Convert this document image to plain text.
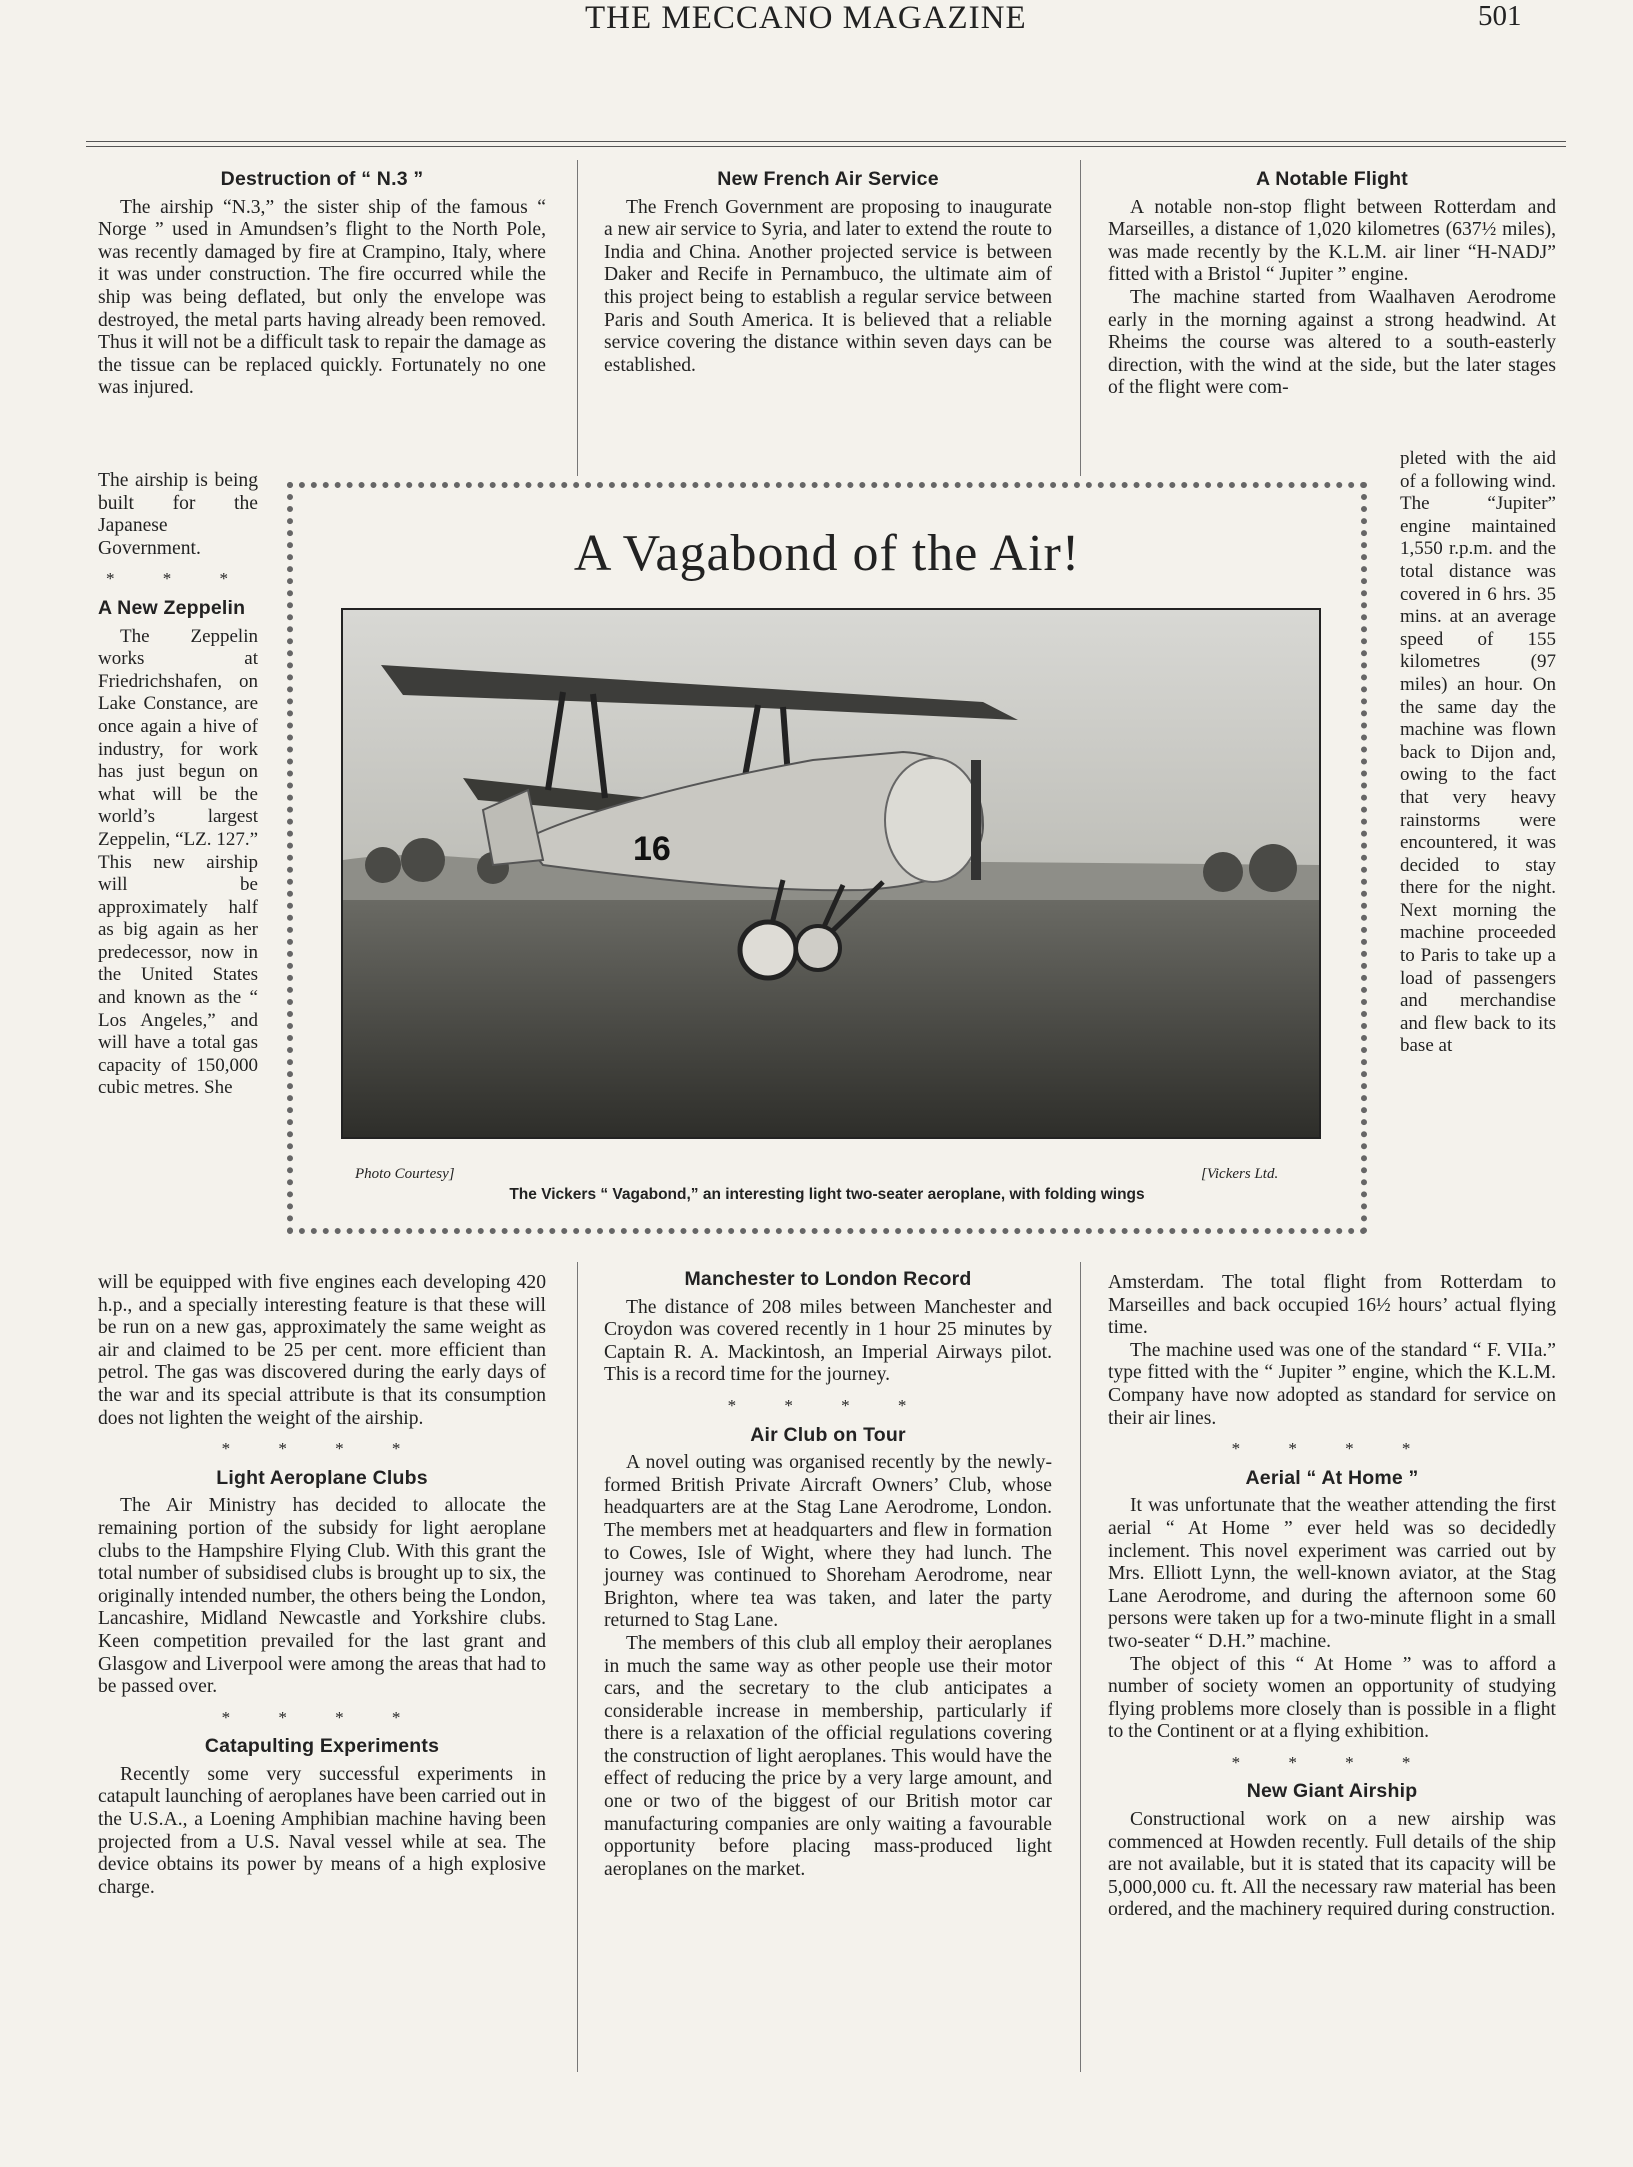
THE MECCANO MAGAZINE	501
Destruction of “ N.3 ”

The airship “N.3,” the sister ship of the famous “ Norge ” used in Amundsen’s flight to the North Pole, was recently damaged by fire at Crampino, Italy, where it was under construction. The fire occurred while the ship was being deflated, but only the envelope was destroyed, the metal parts having already been removed. Thus it will not be a difficult task to repair the damage as the tissue can be replaced quickly. Fortunately no one was injured.

The airship is being built for the Japanese Government.

* * *
A New Zeppelin

The Zeppelin works at Friedrichshafen, on Lake Constance, are once again a hive of industry, for work has just begun on what will be the world’s largest Zeppelin, “LZ. 127.” This new airship will be approximately half as big again as her predecessor, now in the United States and known as the “ Los Angeles,” and will have a total gas capacity of 150,000 cubic metres. She

will be equipped with five engines each developing 420 h.p., and a specially interesting feature is that these will be run on a new gas, approximately the same weight as air and claimed to be 25 per cent. more efficient than petrol. The gas was discovered during the early days of the war and its special attribute is that its consumption does not lighten the weight of the airship.

* * * *
Light Aeroplane Clubs

The Air Ministry has decided to allocate the remaining portion of the subsidy for light aeroplane clubs to the Hampshire Flying Club. With this grant the total number of subsidised clubs is brought up to six, the originally intended number, the others being the London, Lancashire, Midland Newcastle and Yorkshire clubs. Keen competition prevailed for the last grant and Glasgow and Liverpool were among the areas that had to be passed over.

* * * *
Catapulting Experiments

Recently some very successful experiments in catapult launching of aeroplanes have been carried out in the U.S.A., a Loening Amphibian machine having been projected from a U.S. Naval vessel while at sea. The device obtains its power by means of a high explosive charge.

New French Air Service

The French Government are proposing to inaugurate a new air service to Syria, and later to extend the route to India and China. Another projected service is between Daker and Recife in Pernambuco, the ultimate aim of this project being to establish a regular service between Paris and South America. It is believed that a reliable service covering the distance within seven days can be established.

Manchester to London Record

The distance of 208 miles between Manchester and Croydon was covered recently in 1 hour 25 minutes by Captain R. A. Mackintosh, an Imperial Airways pilot. This is a record time for the journey.

* * * *
Air Club on Tour

A novel outing was organised recently by the newly-formed British Private Aircraft Owners’ Club, whose headquarters are at the Stag Lane Aerodrome, London. The members met at headquarters and flew in formation to Cowes, Isle of Wight, where they had lunch. The journey was continued to Shoreham Aerodrome, near Brighton, where tea was taken, and later the party returned to Stag Lane.

The members of this club all employ their aeroplanes in much the same way as other people use their motor cars, and the secretary to the club anticipates a considerable increase in membership, particularly if there is a relaxation of the official regulations covering the construction of light aeroplanes. This would have the effect of reducing the price by a very large amount, and one or two of the biggest of our British motor car manufacturing companies are only waiting a favourable opportunity before placing mass-produced light aeroplanes on the market.

A Notable Flight

A notable non-stop flight between Rotterdam and Marseilles, a distance of 1,020 kilometres (637½ miles), was made recently by the K.L.M. air liner “H-NADJ” fitted with a Bristol “ Jupiter ” engine.

The machine started from Waalhaven Aerodrome early in the morning against a strong headwind. At Rheims the course was altered to a south-easterly direction, with the wind at the side, but the later stages of the flight were com-

pleted with the aid of a following wind. The “Jupiter” engine maintained 1,550 r.p.m. and the total distance was covered in 6 hrs. 35 mins. at an average speed of 155 kilometres (97 miles) an hour. On the same day the machine was flown back to Dijon and, owing to the fact that very heavy rainstorms were encountered, it was decided to stay there for the night. Next morning the machine proceeded to Paris to take up a load of passengers and merchandise and flew back to its base at

Amsterdam. The total flight from Rotterdam to Marseilles and back occupied 16½ hours’ actual flying time.

The machine used was one of the standard “ F. VIIa.” type fitted with the “ Jupiter ” engine, which the K.L.M. Company have now adopted as standard for service on their air lines.

* * * *
Aerial “ At Home ”

It was unfortunate that the weather attending the first aerial “ At Home ” ever held was so decidedly inclement. This novel experiment was carried out by Mrs. Elliott Lynn, the well-known aviator, at the Stag Lane Aerodrome, and during the afternoon some 60 persons were taken up for a two-minute flight in a small two-seater “ D.H.” machine.

The object of this “ At Home ” was to afford a number of society women an opportunity of studying flying problems more closely than is possible in a flight to the Continent or at a flying exhibition.

* * * *
New Giant Airship

Constructional work on a new airship was commenced at Howden recently. Full details of the ship are not available, but it is stated that its capacity will be 5,000,000 cu. ft. All the necessary raw material has been ordered, and the machinery required during construction.

A Vagabond of the Air!
16
Photo Courtesy]	[Vickers Ltd.
The Vickers “ Vagabond,” an interesting light two-seater aeroplane, with folding wings
